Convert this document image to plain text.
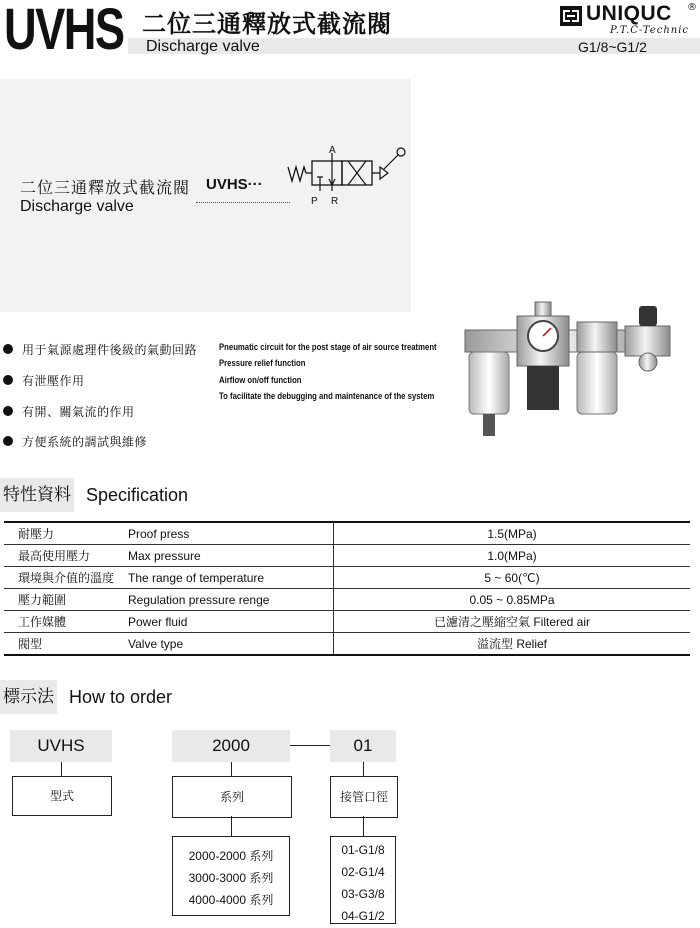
UVHS 二位三通釋放式截流閥
Discharge valve
UNIQUC ®
P.T.C-Technic
G1/8~G1/2
二位三通釋放式截流閥
Discharge valve
UVHS···
A
P R
用于氣源處理件後級的氣動回路 Pneumatic circuit for the post stage of air source treatment
有泄壓作用
Pressure relief function
有開、關氣流的作用
Airflow on/off function
方便系統的調試與維修
To facilitate the debugging and maintenance of the system
特性資料 Specification
耐壓力	Proof press	1.5(MPa)
最高使用壓力	Max pressure	1.0(MPa)
環境與介值的溫度	The range of temperature	5 ~ 60(℃)
壓力範圍	Regulation pressure renge	0.05 ~ 0.85MPa
工作媒體	Power fluid	已濾清之壓縮空氣 Filtered air
閥型	Valve type	溢流型 Relief
標示法 How to order
UVHS	2000	01
型式	系列	接管口徑
2000-2000 系列
3000-3000 系列
4000-4000 系列
01-G1/8
02-G1/4
03-G3/8
04-G1/2
